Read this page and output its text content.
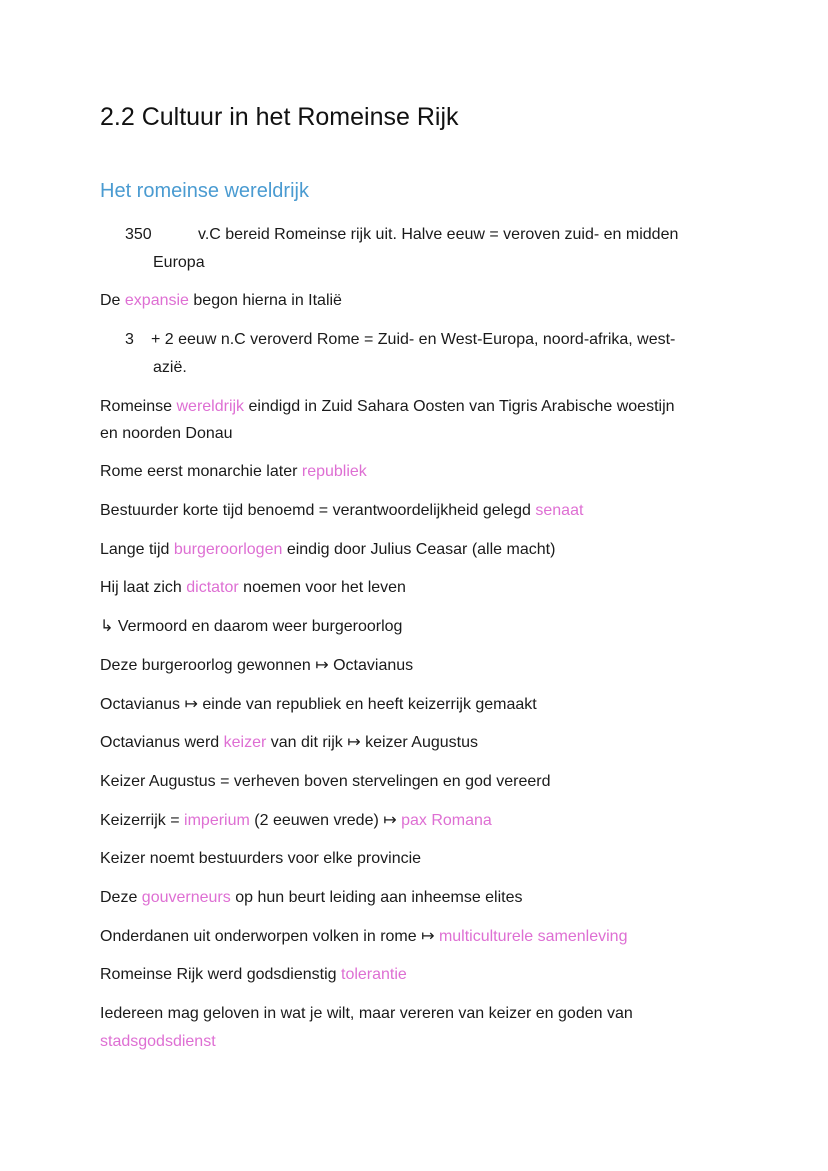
2.2 Cultuur in het Romeinse Rijk
Het romeinse wereldrijk
350	v.C bereid Romeinse rijk uit. Halve eeuw = veroven zuid- en midden
Europa

De expansie begon hierna in Italië

3 + 2 eeuw n.C veroverd Rome = Zuid- en West-Europa, noord-afrika, west-
azië.

Romeinse wereldrijk eindigd in Zuid Sahara Oosten van Tigris Arabische woestijn

en noorden Donau

Rome eerst monarchie later republiek

Bestuurder korte tijd benoemd = verantwoordelijkheid gelegd senaat

Lange tijd burgeroorlogen eindig door Julius Ceasar (alle macht)

Hij laat zich dictator noemen voor het leven

↳ Vermoord en daarom weer burgeroorlog

Deze burgeroorlog gewonnen ↦ Octavianus

Octavianus ↦ einde van republiek en heeft keizerrijk gemaakt

Octavianus werd keizer van dit rijk ↦ keizer Augustus

Keizer Augustus = verheven boven stervelingen en god vereerd

Keizerrijk = imperium (2 eeuwen vrede) ↦ pax Romana

Keizer noemt bestuurders voor elke provincie

Deze gouverneurs op hun beurt leiding aan inheemse elites

Onderdanen uit onderworpen volken in rome ↦ multiculturele samenleving

Romeinse Rijk werd godsdienstig tolerantie

Iedereen mag geloven in wat je wilt, maar vereren van keizer en goden van

stadsgodsdienst
